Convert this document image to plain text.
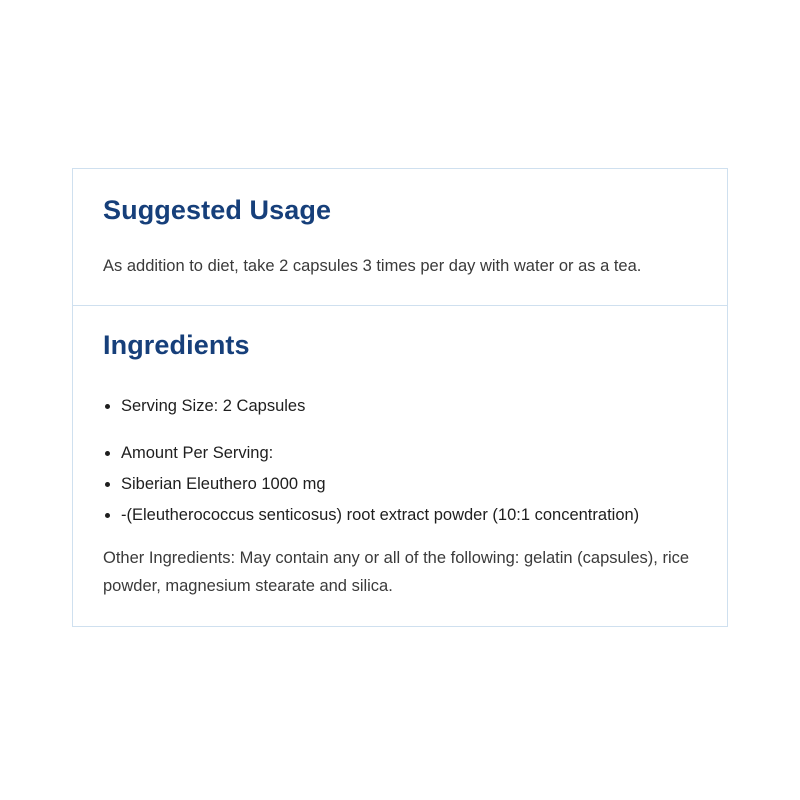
Suggested Usage

As addition to diet, take 2 capsules 3 times per day with water or as a tea.

Ingredients
Serving Size: 2 Capsules
Amount Per Serving:
Siberian Eleuthero 1000 mg
-(Eleutherococcus senticosus) root extract powder (10:1 concentration)

Other Ingredients: May contain any or all of the following: gelatin (capsules), rice powder, magnesium stearate and silica.
